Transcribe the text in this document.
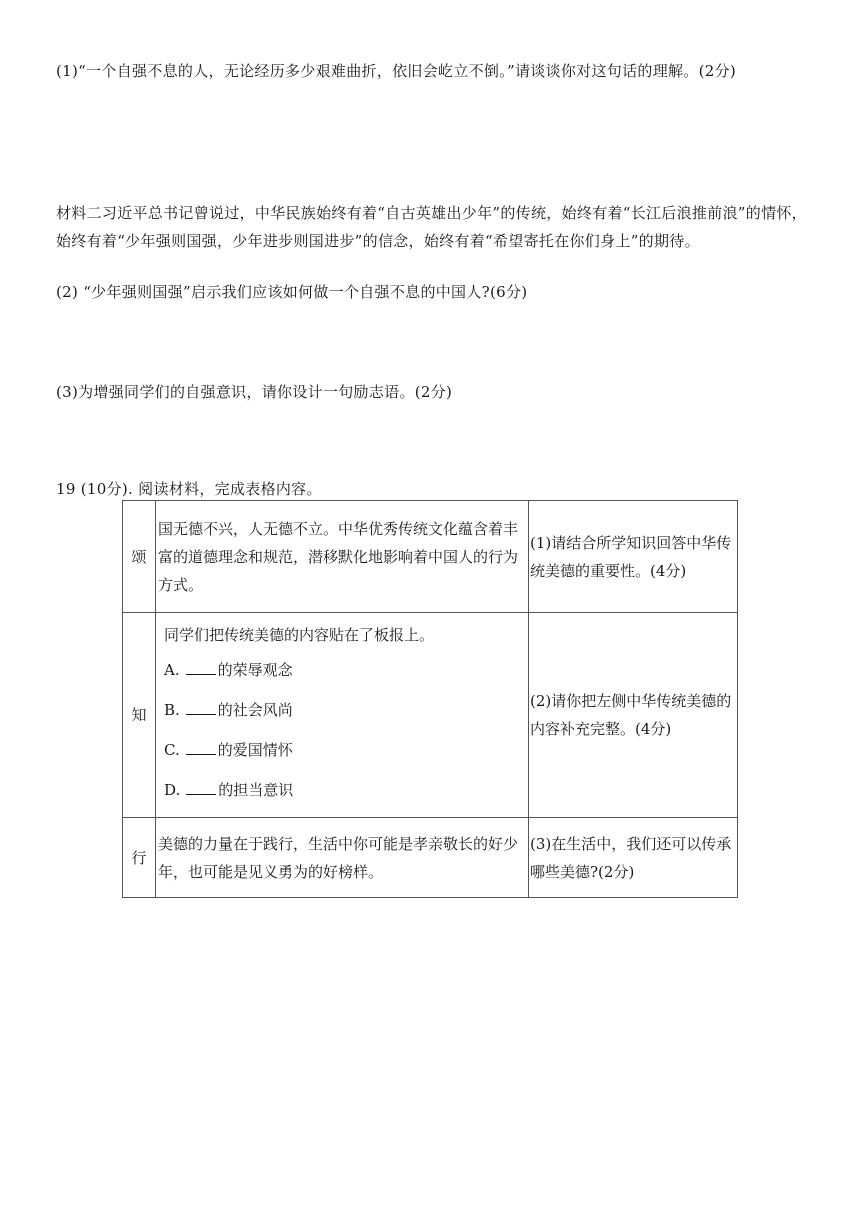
(1)“一个自强不息的人，无论经历多少艰难曲折，依旧会屹立不倒。”请谈谈你对这句话的理解。(2分)

材料二习近平总书记曾说过，中华民族始终有着“自古英雄出少年”的传统，始终有着“长江后浪推前浪”的情怀，始终有着“少年强则国强，少年进步则国进步”的信念，始终有着“希望寄托在你们身上”的期待。

(2) “少年强则国强”启示我们应该如何做一个自强不息的中国人?(6分)

(3)为增强同学们的自强意识，请你设计一句励志语。(2分)

19 (10分). 阅读材料，完成表格内容。

颂	国无德不兴，人无德不立。中华优秀传统文化蕴含着丰富的道德理念和规范，潜移默化地影响着中国人的行为方式。	(1)请结合所学知识回答中华传统美德的重要性。(4分)
知	同学们把传统美德的内容贴在了板报上。
A. 的荣辱观念
B. 的社会风尚
C. 的爱国情怀
D. 的担当意识	(2)请你把左侧中华传统美德的内容补充完整。(4分)
行	美德的力量在于践行，生活中你可能是孝亲敬长的好少年，也可能是见义勇为的好榜样。	(3)在生活中，我们还可以传承哪些美德?(2分)
